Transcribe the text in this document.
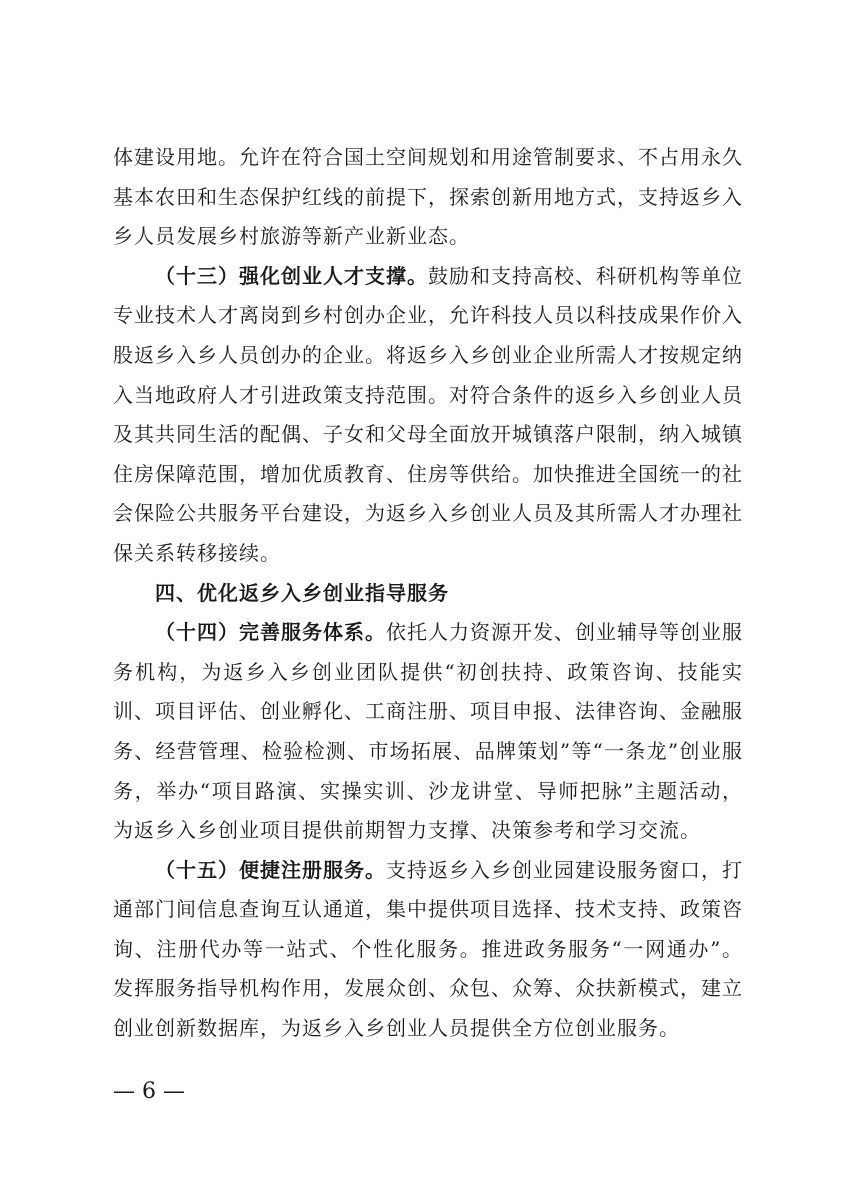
体建设用地。允许在符合国土空间规划和用途管制要求、不占用永久基本农田和生态保护红线的前提下，探索创新用地方式，支持返乡入乡人员发展乡村旅游等新产业新业态。

（十三）强化创业人才支撑。鼓励和支持高校、科研机构等单位专业技术人才离岗到乡村创办企业，允许科技人员以科技成果作价入股返乡入乡人员创办的企业。将返乡入乡创业企业所需人才按规定纳入当地政府人才引进政策支持范围。对符合条件的返乡入乡创业人员及其共同生活的配偶、子女和父母全面放开城镇落户限制，纳入城镇住房保障范围，增加优质教育、住房等供给。加快推进全国统一的社会保险公共服务平台建设，为返乡入乡创业人员及其所需人才办理社保关系转移接续。

四、优化返乡入乡创业指导服务

（十四）完善服务体系。依托人力资源开发、创业辅导等创业服务机构，为返乡入乡创业团队提供“初创扶持、政策咨询、技能实训、项目评估、创业孵化、工商注册、项目申报、法律咨询、金融服务、经营管理、检验检测、市场拓展、品牌策划”等“一条龙”创业服务，举办“项目路演、实操实训、沙龙讲堂、导师把脉”主题活动，为返乡入乡创业项目提供前期智力支撑、决策参考和学习交流。

（十五）便捷注册服务。支持返乡入乡创业园建设服务窗口，打通部门间信息查询互认通道，集中提供项目选择、技术支持、政策咨询、注册代办等一站式、个性化服务。推进政务服务“一网通办”。发挥服务指导机构作用，发展众创、众包、众筹、众扶新模式，建立创业创新数据库，为返乡入乡创业人员提供全方位创业服务。

— 6 —
